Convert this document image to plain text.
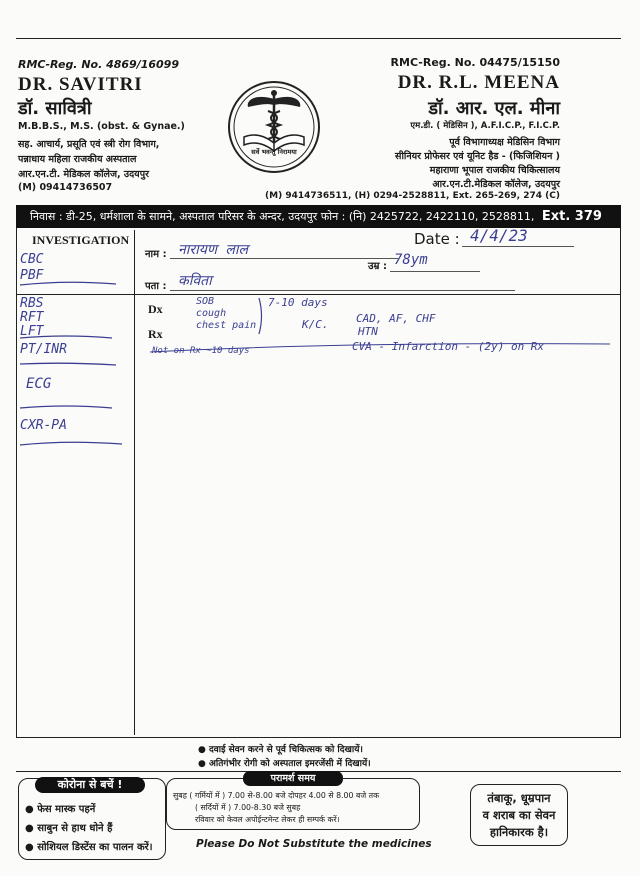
RMC-Reg. No. 4869/16099
DR. SAVITRI
डॉ. सावित्री
M.B.B.S., M.S. (obst. & Gynae.)
सह. आचार्य, प्रसूति एवं स्त्री रोग विभाग,
पन्नाधाय महिला राजकीय अस्पताल
आर.एन.टी. मेडिकल कॉलेज, उदयपुर
(M) 09414736507
सर्वे भवन्तु निरामया
RMC-Reg. No. 04475/15150
DR. R.L. MEENA
डॉ. आर. एल. मीना
एम.डी. ( मेडिसिन ), A.F.I.C.P., F.I.C.P.
पूर्व विभागाध्यक्ष मेडिसिन विभाग
सीनियर प्रोफेसर एवं यूनिट हैड - (फिजिशियन )
महाराणा भूपाल राजकीय चिकित्सालय
आर.एन.टी.मेडिकल कॉलेज, उदयपुर
(M) 9414736511, (H) 0294-2528811, Ext. 265-269, 274 (C)
निवास : डी-25, धर्मशाला के सामने, अस्पताल परिसर के अन्दर, उदयपुर फोन : (नि) 2425722, 2422110, 2528811, Ext. 379
INVESTIGATION
नाम : नारायण लाल
Date : 4/4/23
उम्र : 78ym
पता : कविता
CBC
PBF
RBS
RFT
LFT
PT/INR
ECG
CXR-PA
Dx
Rx
SOB
cough
chest pain
7-10 days
K/C.	CAD, AF, CHF
HTN
CVA - Infarction - (2y) on Rx
Not on Rx ~10 days
● दवाई सेवन करने से पूर्व चिकित्सक को दिखायें।
● अतिगंभीर रोगी को अस्पताल इमरजेंसी में दिखायें।
कोरोना से बचें !
● फेस मास्क पहनें
● साबुन से हाथ धोने हैं
● सोशियल डिस्टेंस का पालन करें।
परामर्श समय
सुबह ( गर्मियों में ) 7.00 से-8.00 बजे दोपहर 4.00 से 8.00 बजे तक
( सर्दियों में ) 7.00-8.30 बजे सुबह
रविवार को केवल अपोईन्टमेन्ट लेकर ही सम्पर्क करें।
Please Do Not Substitute the medicines
तंबाकू, धूम्रपान
व शराब का सेवन
हानिकारक है।
